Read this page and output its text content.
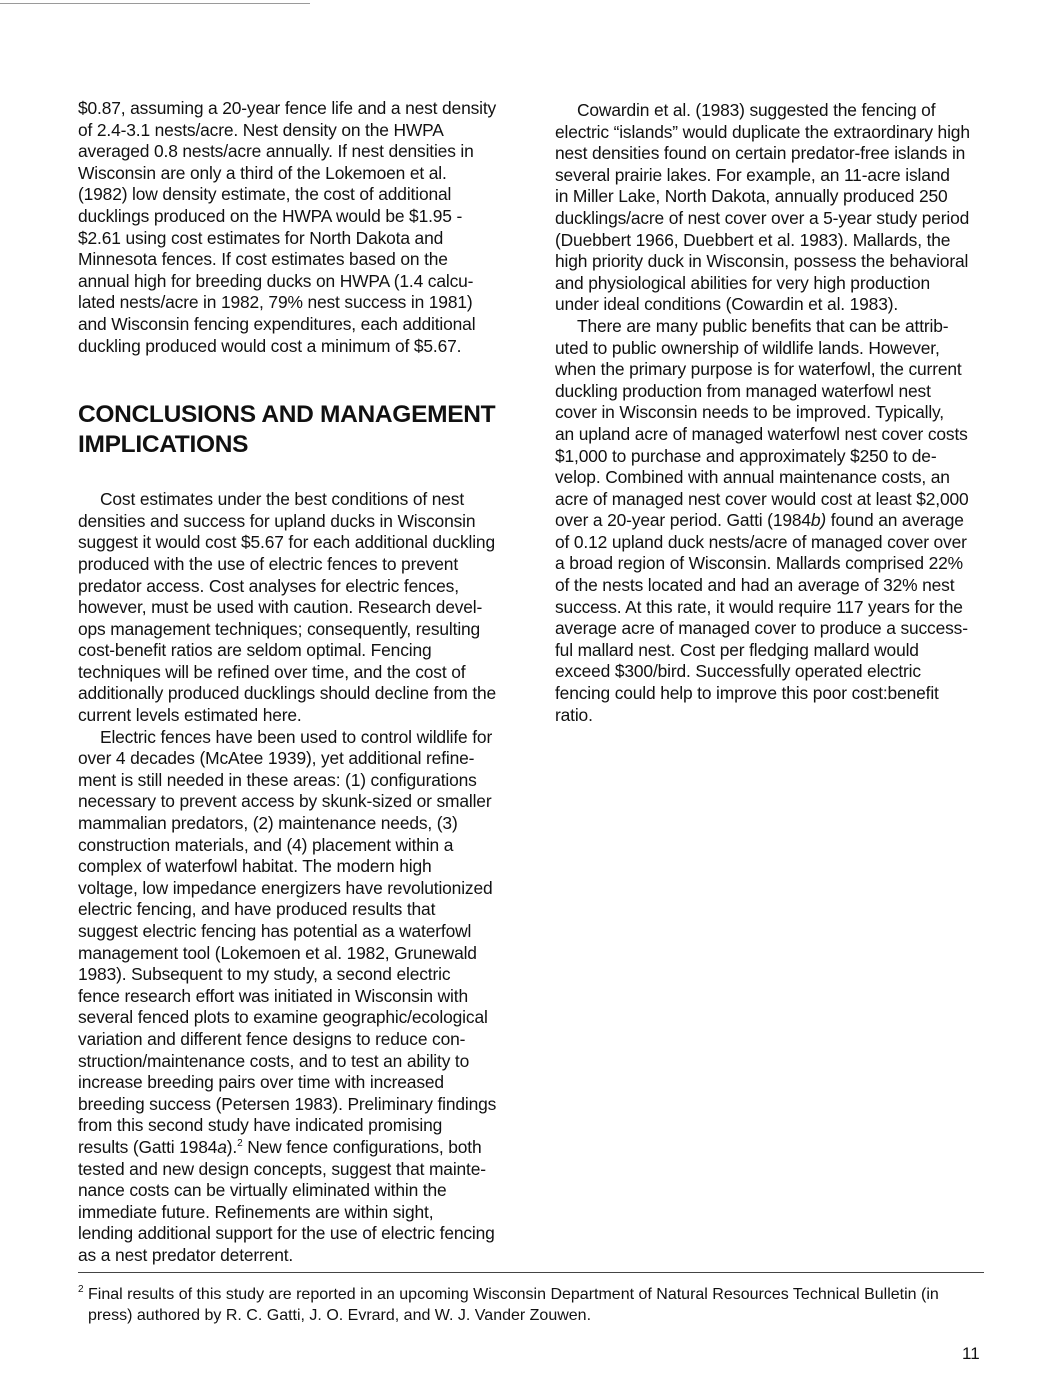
$0.87, assuming a 20-year fence life and a nest density
of 2.4-3.1 nests/acre. Nest density on the HWPA
averaged 0.8 nests/acre annually. If nest densities in
Wisconsin are only a third of the Lokemoen et al.
(1982) low density estimate, the cost of additional
ducklings produced on the HWPA would be $1.95 -
$2.61 using cost estimates for North Dakota and
Minnesota fences. If cost estimates based on the
annual high for breeding ducks on HWPA (1.4 calcu-
lated nests/acre in 1982, 79% nest success in 1981)
and Wisconsin fencing expenditures, each additional
duckling produced would cost a minimum of $5.67.

CONCLUSIONS AND MANAGEMENT
IMPLICATIONS

Cost estimates under the best conditions of nest
densities and success for upland ducks in Wisconsin
suggest it would cost $5.67 for each additional duckling
produced with the use of electric fences to prevent
predator access. Cost analyses for electric fences,
however, must be used with caution. Research devel-
ops management techniques; consequently, resulting
cost-benefit ratios are seldom optimal. Fencing
techniques will be refined over time, and the cost of
additionally produced ducklings should decline from the
current levels estimated here.

Electric fences have been used to control wildlife for
over 4 decades (McAtee 1939), yet additional refine-
ment is still needed in these areas: (1) configurations
necessary to prevent access by skunk-sized or smaller
mammalian predators, (2) maintenance needs, (3)
construction materials, and (4) placement within a
complex of waterfowl habitat. The modern high
voltage, low impedance energizers have revolutionized
electric fencing, and have produced results that
suggest electric fencing has potential as a waterfowl
management tool (Lokemoen et al. 1982, Grunewald
1983). Subsequent to my study, a second electric
fence research effort was initiated in Wisconsin with
several fenced plots to examine geographic/ecological
variation and different fence designs to reduce con-
struction/maintenance costs, and to test an ability to
increase breeding pairs over time with increased
breeding success (Petersen 1983). Preliminary findings
from this second study have indicated promising
results (Gatti 1984a).$^2$ New fence configurations, both
tested and new design concepts, suggest that mainte-
nance costs can be virtually eliminated within the
immediate future. Refinements are within sight,
lending additional support for the use of electric fencing
as a nest predator deterrent.

Cowardin et al. (1983) suggested the fencing of
electric “islands” would duplicate the extraordinary high
nest densities found on certain predator-free islands in
several prairie lakes. For example, an 11-acre island
in Miller Lake, North Dakota, annually produced 250
ducklings/acre of nest cover over a 5-year study period
(Duebbert 1966, Duebbert et al. 1983). Mallards, the
high priority duck in Wisconsin, possess the behavioral
and physiological abilities for very high production
under ideal conditions (Cowardin et al. 1983).

There are many public benefits that can be attrib-
uted to public ownership of wildlife lands. However,
when the primary purpose is for waterfowl, the current
duckling production from managed waterfowl nest
cover in Wisconsin needs to be improved. Typically,
an upland acre of managed waterfowl nest cover costs
$1,000 to purchase and approximately $250 to de-
velop. Combined with annual maintenance costs, an
acre of managed nest cover would cost at least $2,000
over a 20-year period. Gatti (1984b) found an average
of 0.12 upland duck nests/acre of managed cover over
a broad region of Wisconsin. Mallards comprised 22%
of the nests located and had an average of 32% nest
success. At this rate, it would require 117 years for the
average acre of managed cover to produce a success-
ful mallard nest. Cost per fledging mallard would
exceed $300/bird. Successfully operated electric
fencing could help to improve this poor cost:benefit
ratio.

$^2$ Final results of this study are reported in an upcoming Wisconsin Department of Natural Resources Technical Bulletin (in
press) authored by R. C. Gatti, J. O. Evrard, and W. J. Vander Zouwen.
11
